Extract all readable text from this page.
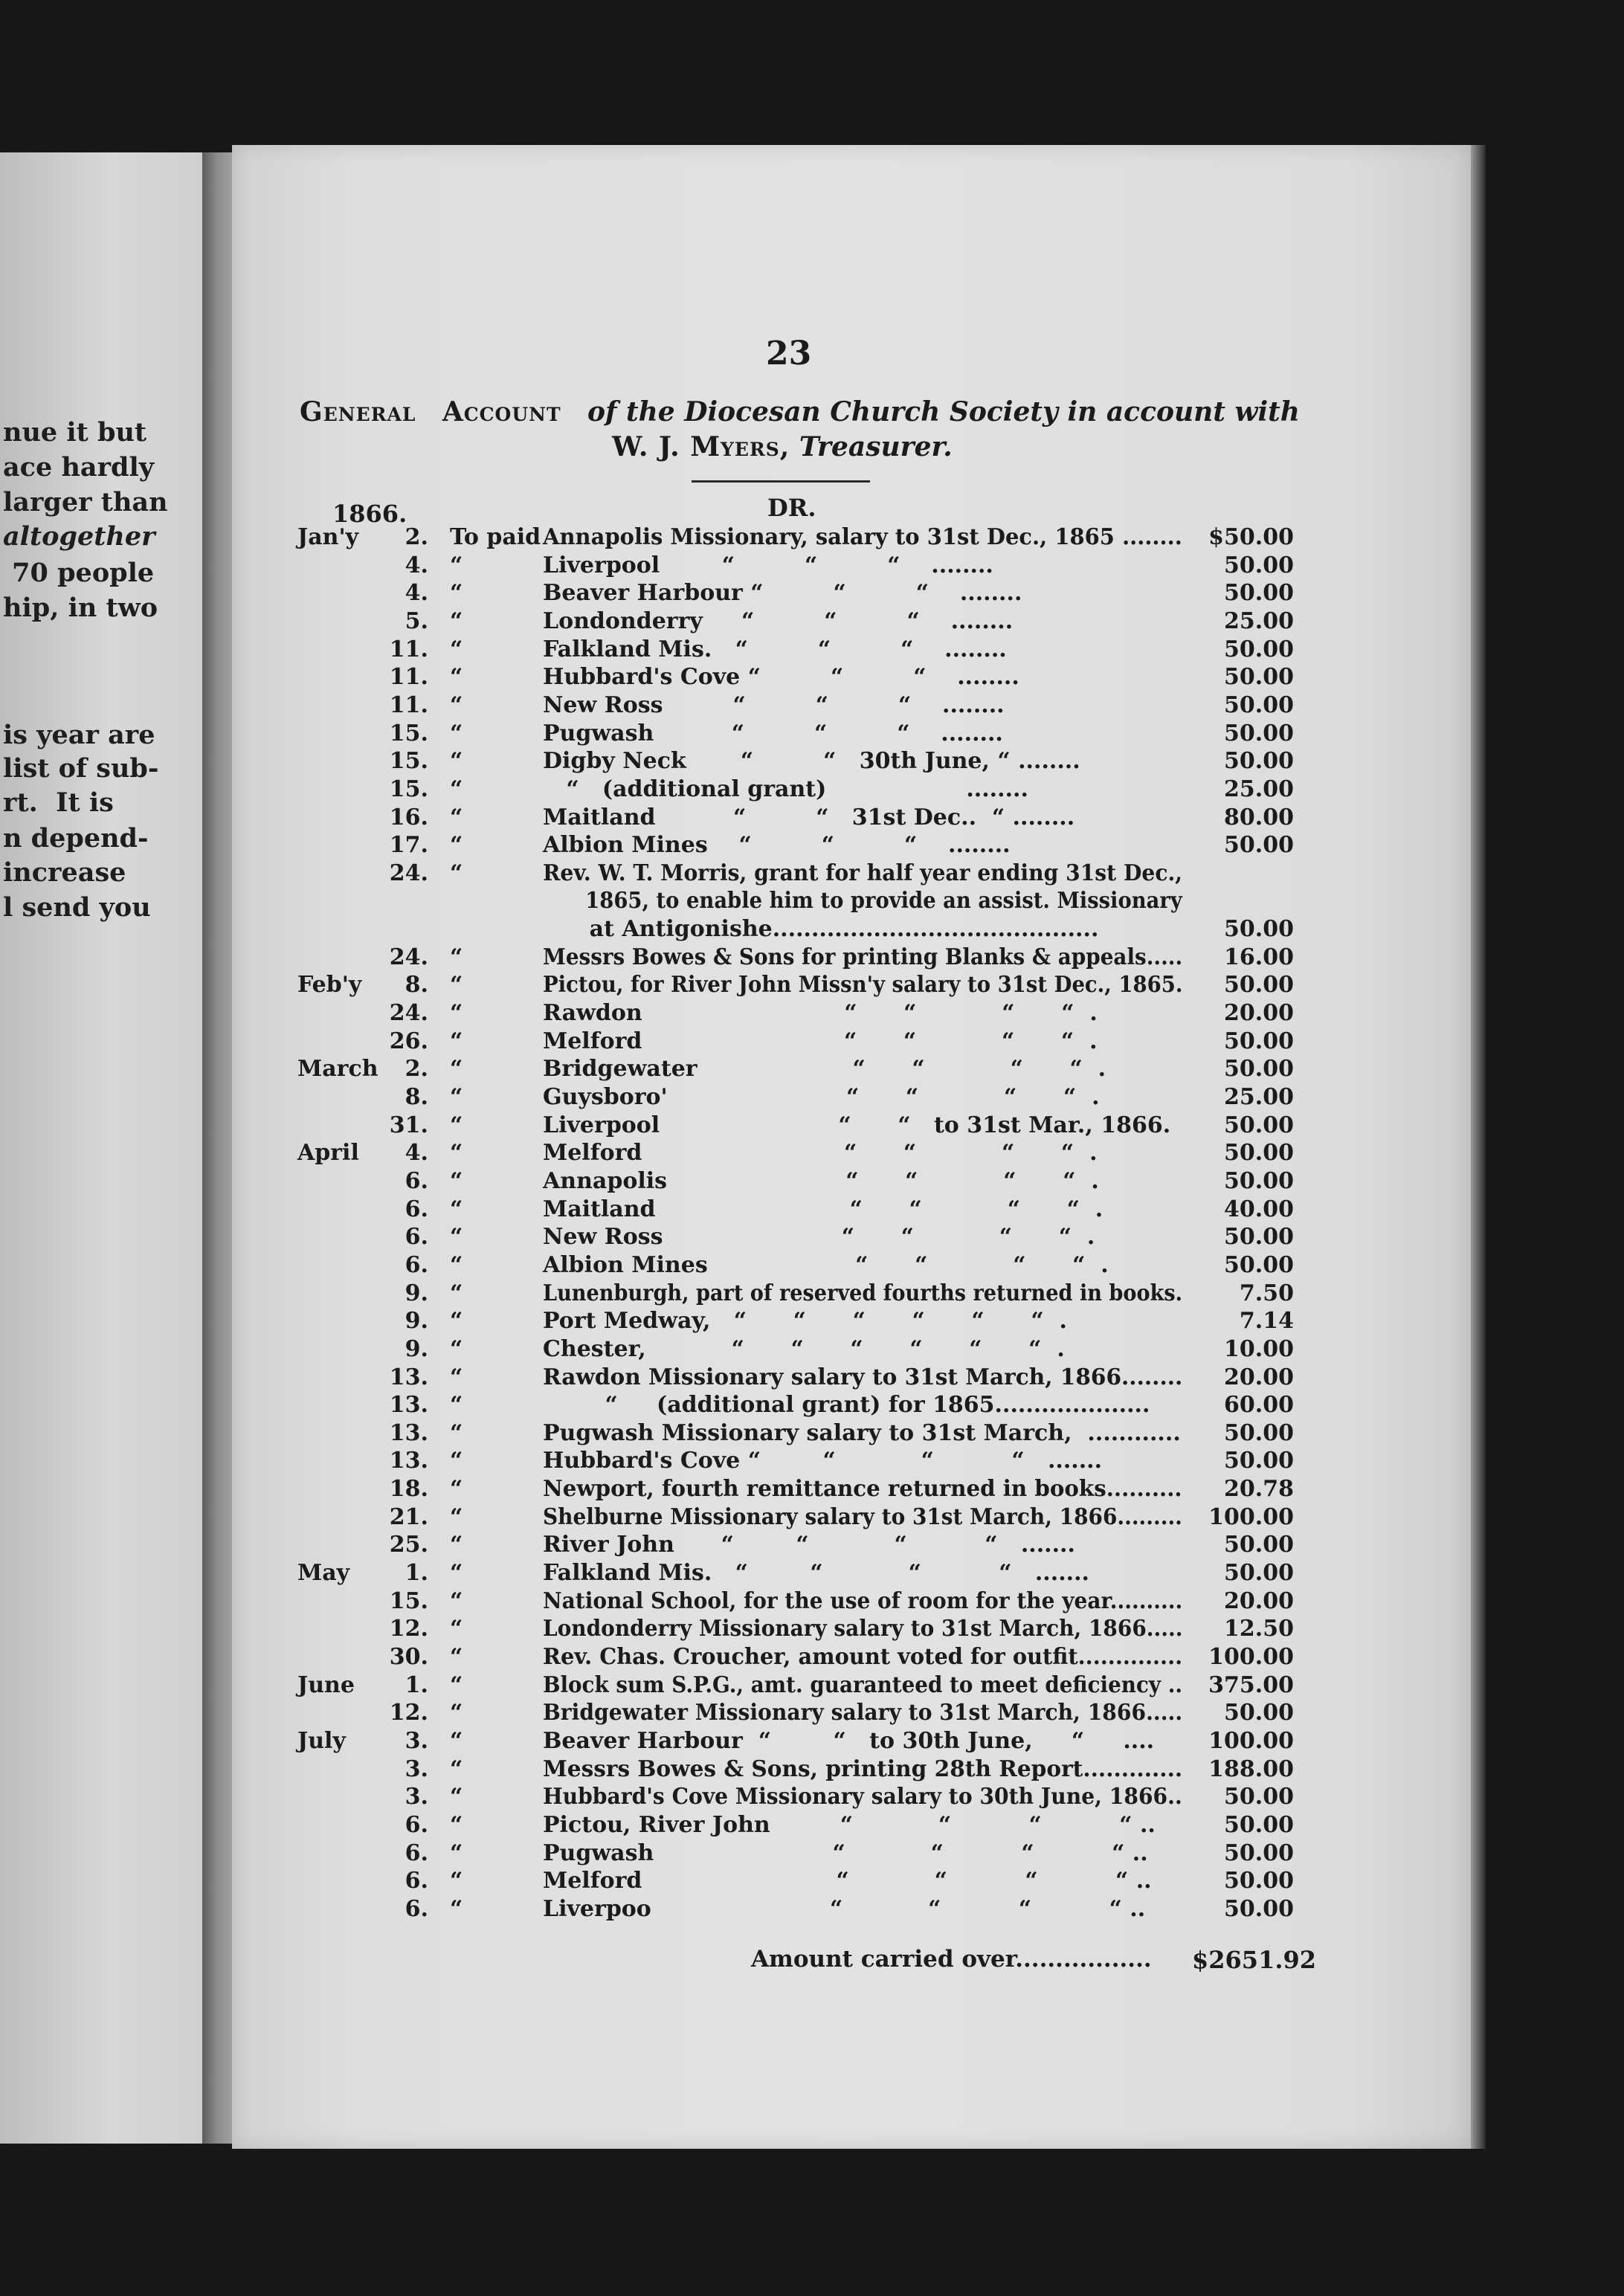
nue it but
ace hardly
larger than
altogether
70 people
hip, in two
is year are
list of sub-
rt.  It is
n depend-
increase
l send you
23
General Account of the Diocesan Church Society in account with
W. J. Myers, Treasurer.
1866.	DR.
Jan'y	2. To paid Annapolis Missionary, salary to 31st Dec., 1865 ........	$50.00
4. “	Liverpool        “         “         “    ........	50.00
4. “	Beaver Harbour “         “         “    ........	50.00
5. “	Londonderry     “         “         “    ........	25.00
11. “	Falkland Mis.   “         “         “    ........	50.00
11. “	Hubbard's Cove “         “         “    ........	50.00
11. “	New Ross         “         “         “    ........	50.00
15. “	Pugwash          “         “         “    ........	50.00
15. “	Digby Neck       “         “   30th June, “ ........	50.00
15. “	“   (additional grant)                  ........	25.00
16. “	Maitland          “         “   31st Dec..  “ ........	80.00
17. “	Albion Mines    “         “         “    ........	50.00
24. “	Rev. W. T. Morris, grant for half year ending 31st Dec.,
1865, to enable him to provide an assist. Missionary
at Antigonishe..........................................	50.00
24. “	Messrs Bowes & Sons for printing Blanks & appeals.....	16.00
Feb'y	8. “	Pictou, for River John Missn'y salary to 31st Dec., 1865.	50.00
24. “	Rawdon                          “      “           “      “  .	20.00
26. “	Melford                          “      “           “      “  .	50.00
March	2. “	Bridgewater                    “      “           “      “  .	50.00
8. “	Guysboro'                       “      “           “      “  .	25.00
31. “	Liverpool                       “      “   to 31st Mar., 1866.	50.00
April	4. “	Melford                          “      “           “      “  .	50.00
6. “	Annapolis                       “      “           “      “  .	50.00
6. “	Maitland                         “      “           “      “  .	40.00
6. “	New Ross                       “      “           “      “  .	50.00
6. “	Albion Mines                   “      “           “      “  .	50.00
9. “	Lunenburgh, part of reserved fourths returned in books.	7.50
9. “	Port Medway,   “      “      “      “      “      “  .	7.14
9. “	Chester,           “      “      “      “      “      “  .	10.00
13. “	Rawdon Missionary salary to 31st March, 1866........	20.00
13. “	“     (additional grant) for 1865....................	60.00
13. “	Pugwash Missionary salary to 31st March,  ............	50.00
13. “	Hubbard's Cove “        “           “          “   .......	50.00
18. “	Newport, fourth remittance returned in books..........	20.78
21. “	Shelburne Missionary salary to 31st March, 1866.........	100.00
25. “	River John      “        “           “          “   .......	50.00
May	1. “	Falkland Mis.   “        “           “          “   .......	50.00
15. “	National School, for the use of room for the year..........	20.00
12. “	Londonderry Missionary salary to 31st March, 1866.....	12.50
30. “	Rev. Chas. Croucher, amount voted for outfit..............	100.00
June	1. “	Block sum S.P.G., amt. guaranteed to meet deficiency ..	375.00
12. “	Bridgewater Missionary salary to 31st March, 1866.....	50.00
July	3. “	Beaver Harbour  “        “   to 30th June,     “     ....	100.00
3. “	Messrs Bowes & Sons, printing 28th Report.............	188.00
3. “	Hubbard's Cove Missionary salary to 30th June, 1866..	50.00
6. “	Pictou, River John         “           “          “          “ ..	50.00
6. “	Pugwash                       “           “          “          “ ..	50.00
6. “	Melford                         “           “          “          “ ..	50.00
6. “	Liverpoo                       “           “          “          “ ..	50.00
Amount carried over................. $2651.92
